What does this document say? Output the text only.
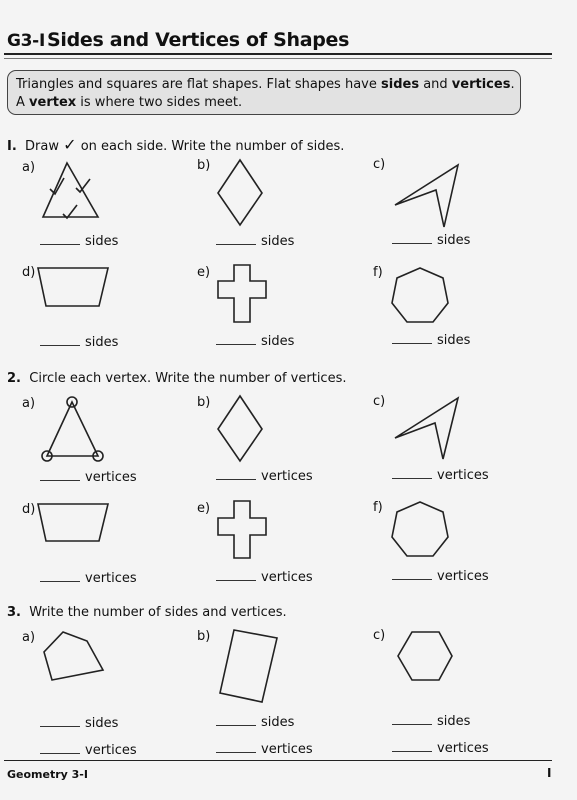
G3-I Sides and Vertices of Shapes
Triangles and squares are flat shapes. Flat shapes have sides and vertices.
A vertex is where two sides meet.
I. Draw ✓ on each side. Write the number of sides.
a)	b)	c)
d)	e)	f)
sides	sides	sides
sides	sides	sides
2. Circle each vertex. Write the number of vertices.
a)	b)	c)
d)	e)	f)
vertices	vertices	vertices
vertices	vertices	vertices
3. Write the number of sides and vertices.
a)	b)	c)
sides	sides	sides
vertices	vertices	vertices
Geometry 3-I	I
